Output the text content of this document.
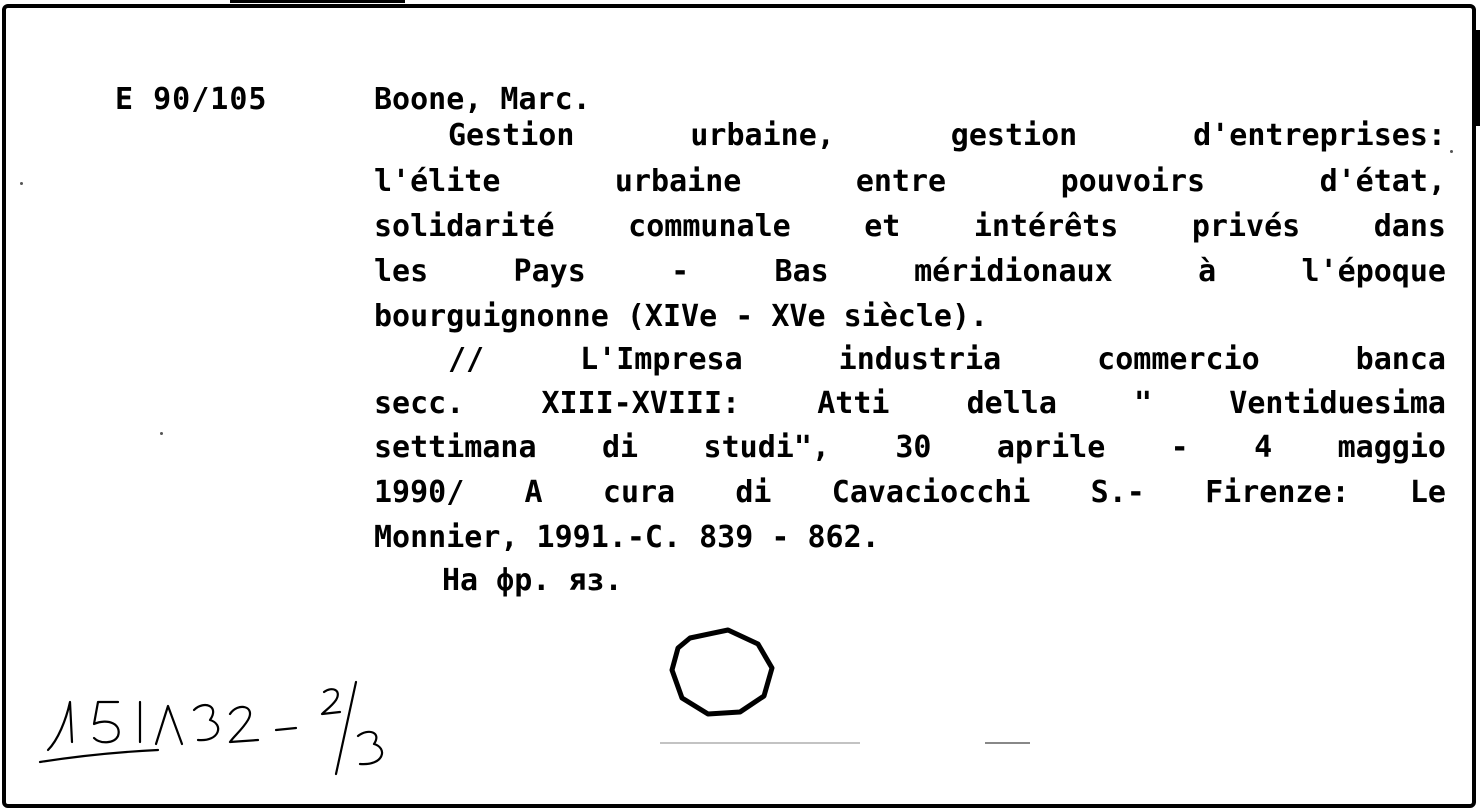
E 90/105	Boone, Marc.
Gestion urbaine, gestion d'entreprises:
l'élite urbaine entre pouvoirs d'état,
solidarité communale et intérêts privés dans
les Pays - Bas méridionaux à l'époque
bourguignonne (XIVe - XVe siècle).
// L'Impresa industria commercio banca
secc. XIII-XVIII: Atti della " Ventiduesima
settimana di studi", 30 aprile - 4 maggio
1990/ A cura di Cavaciocchi S.- Firenze: Le
Monnier, 1991.-C. 839 - 862.
На фр. яз.
